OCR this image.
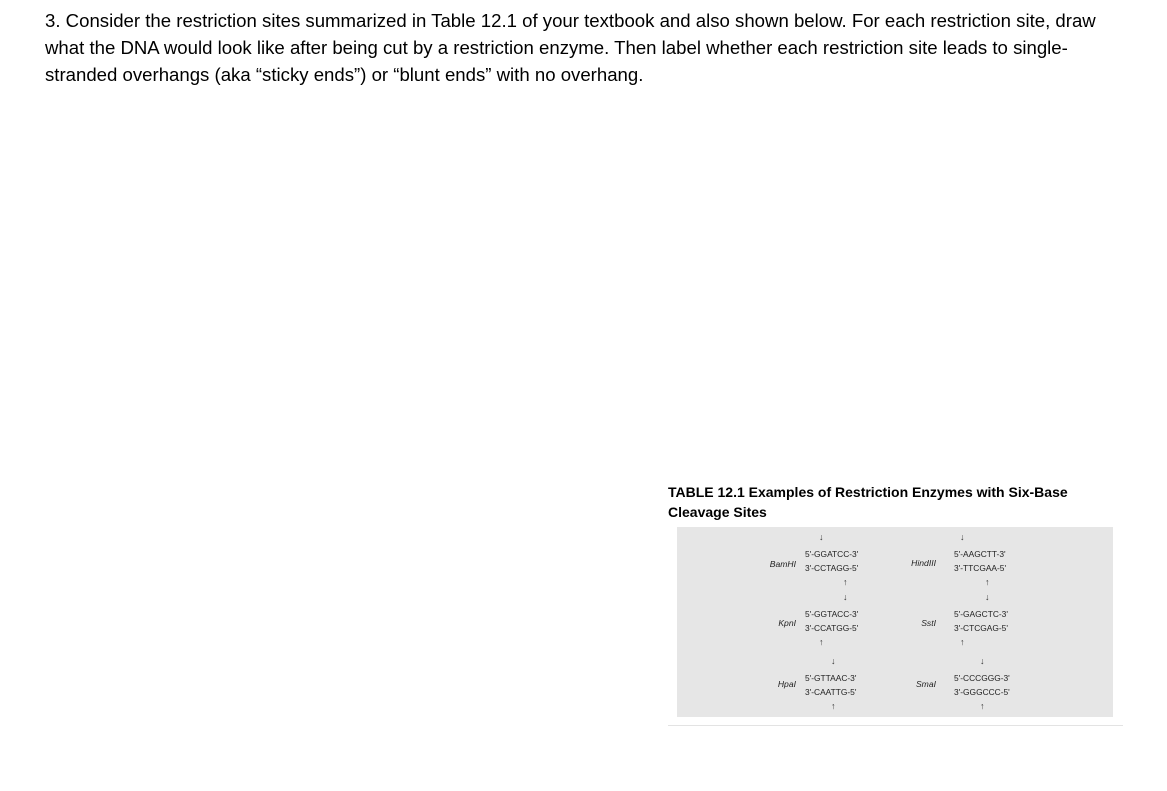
3. Consider the restriction sites summarized in Table 12.1 of your textbook and also shown below. For each restriction site, draw what the DNA would look like after being cut by a restriction enzyme. Then label whether each restriction site leads to single-stranded overhangs (aka “sticky ends”) or “blunt ends” with no overhang.

TABLE 12.1 Examples of Restriction Enzymes with Six-Base Cleavage Sites

BamHI
↓
5'-GGATCC-3'
3'-CCTAGG-5'
↑
HindIII
↓
5'-AAGCTT-3'
3'-TTCGAA-5'
↑
KpnI
↓
5'-GGTACC-3'
3'-CCATGG-5'
↑
SstI
↓
5'-GAGCTC-3'
3'-CTCGAG-5'
↑
HpaI
↓
5'-GTTAAC-3'
3'-CAATTG-5'
↑
SmaI
↓
5'-CCCGGG-3'
3'-GGGCCC-5'
↑
